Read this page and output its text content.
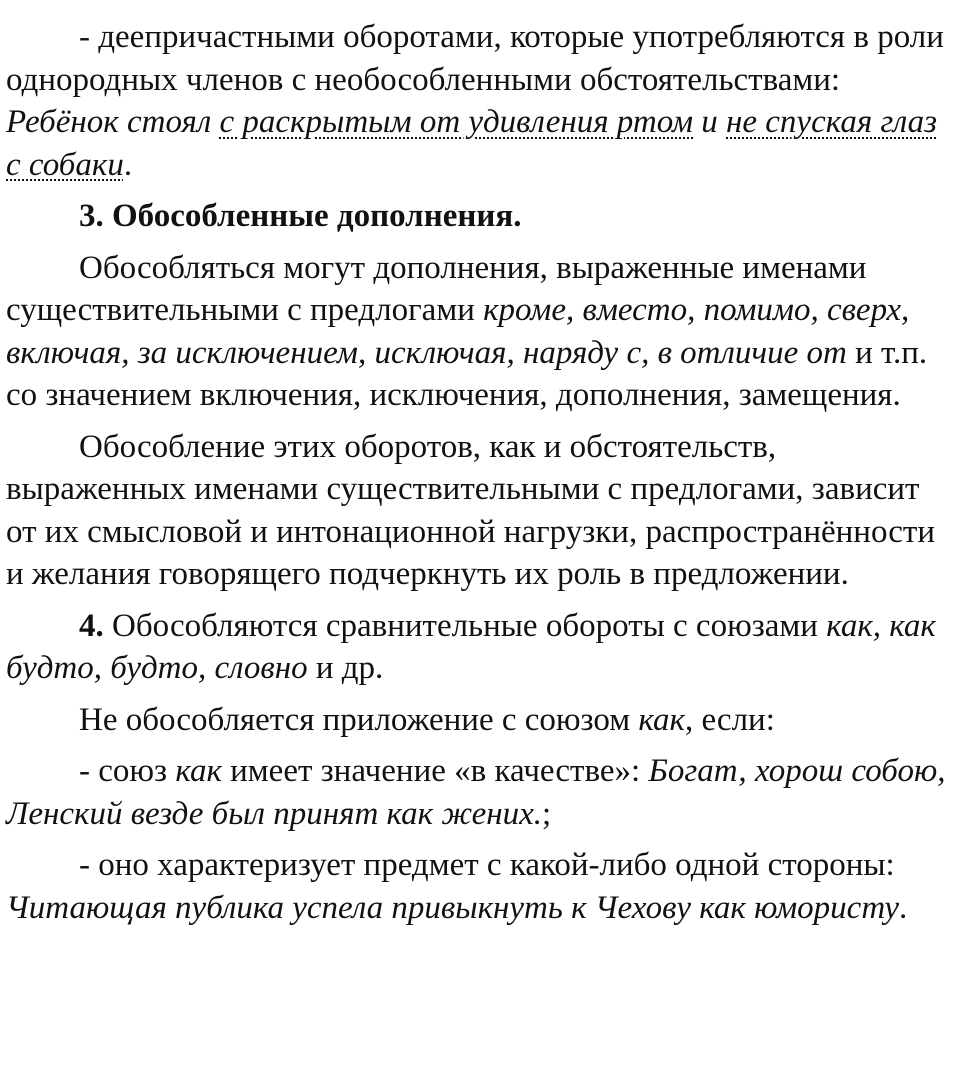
- деепричастными оборотами, которые употребляются в роли однородных членов с необособленными обстоятельствами: Ребёнок стоял с раскрытым от удивления ртом и не спуская глаз с собаки.

3. Обособленные дополнения.

Обособляться могут дополнения, выраженные именами существительными с предлогами кроме, вместо, помимо, сверх, включая, за исключением, исключая, наряду с, в отличие от и т.п. со значением включения, исключения, дополнения, замещения.

Обособление этих оборотов, как и обстоятельств, выраженных именами существительными с предлогами, зависит от их смысловой и интонационной нагрузки, распространённости и желания говорящего подчеркнуть их роль в предложении.

4. Обособляются сравнительные обороты с союзами как, как будто, будто, словно и др.

Не обособляется приложение с союзом как, если:

- союз как имеет значение «в качестве»: Богат, хорош собою, Ленский везде был принят как жених.;

- оно характеризует предмет с какой-либо одной стороны: Читающая публика успела привыкнуть к Чехову как юмористу.
